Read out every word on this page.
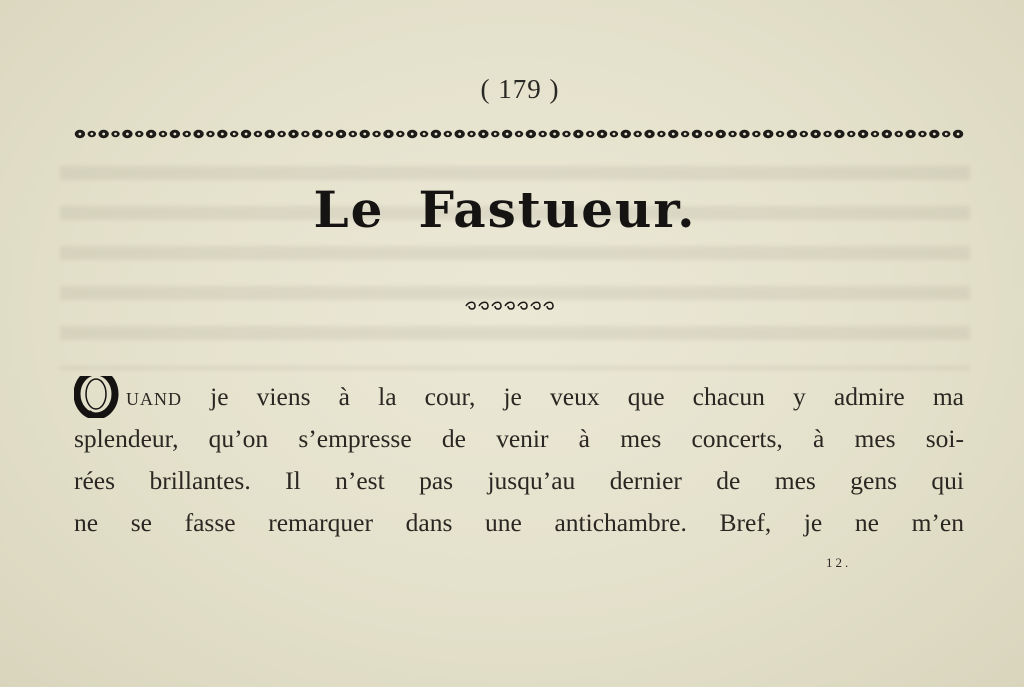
( 179 )
Le Fastueur.
uand je viens à la cour, je veux que chacun y admire ma
splendeur, qu’on s’empresse de venir à mes concerts, à mes soi-
rées brillantes. Il n’est pas jusqu’au dernier de mes gens qui
ne se fasse remarquer dans une antichambre. Bref, je ne m’en
12.
